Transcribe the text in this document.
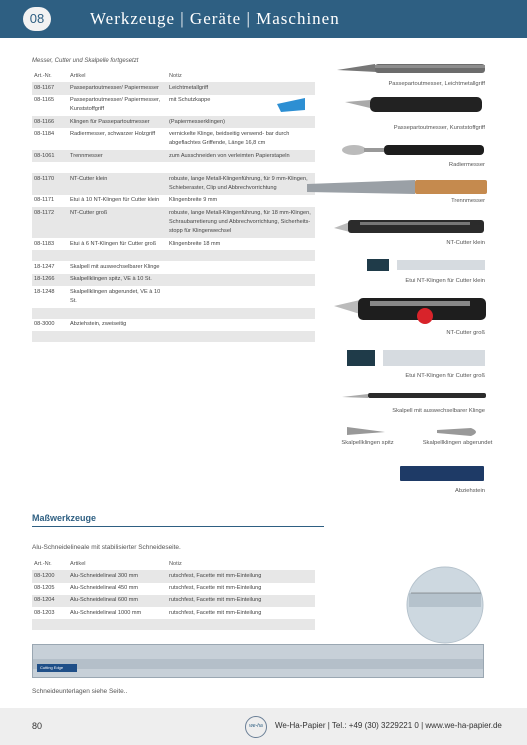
08	Werkzeuge | Geräte | Maschinen
Messer, Cutter und Skalpelle fortgesetzt
Art.-Nr.	Artikel	Notiz
08-1167	Passepartoutmesser/ Papiermesser	Leichtmetallgriff
08-1165	Passepartoutmesser/ Papiermesser, Kunststoffgriff	mit Schutzkappe
08-1166	Klingen für Passepartoutmesser	(Papiermesserklingen)
08-1184	Radiermesser, schwarzer Holzgriff	vernickelte Klinge, beidseitig verwend- bar durch abgeflachtes Griffende, Länge 16,8 cm
08-1061	Trennmesser	zum Ausschneiden von verleimten Papierstapeln

08-1170	NT-Cutter klein	robuste, lange Metall-Klingenführung, für 9 mm-Klingen, Schieberaster, Clip und Abbrechvorrichtung
08-1171	Etui à 10 NT-Klingen für Cutter klein	Klingenbreite 9 mm
08-1172	NT-Cutter groß	robuste, lange Metall-Klingenführung, für 18 mm-Klingen, Schraubarretierung und Abbrechvorrichtung, Sicherheits- stopp für Klingenwechsel
08-1183	Etui à 6 NT-Klingen für Cutter groß	Klingenbreite 18 mm

18-1247	Skalpell mit auswechselbarer Klinge	
18-1266	Skalpellklingen spitz, VE à 10 St.	
18-1248	Skalpellklingen abgerundet, VE à 10 St.	

08-3000	Abziehstein, zweiseitig	

Passepartoutmesser, Leichtmetallgriff
Passepartoutmesser, Kunststoffgriff
Radiermesser
Trennmesser
NT-Cutter klein
Etui NT-Klingen für Cutter klein
NT-Cutter groß
Etui NT-Klingen für Cutter groß
Skalpell mit auswechselbarer Klinge
Skalpellklingen spitz	Skalpellklingen abgerundet
Abziehstein
Maßwerkzeuge
Alu-Schneidelineale mit stabilisierter Schneideseite.
Art.-Nr.	Artikel	Notiz
08-1200	Alu-Schneidelineal 300 mm	rutschfest, Facette mit mm-Einteilung
08-1205	Alu-Schneidelineal 450 mm	rutschfest, Facette mit mm-Einteilung
08-1204	Alu-Schneidelineal 600 mm	rutschfest, Facette mit mm-Einteilung
08-1203	Alu-Schneidelineal 1000 mm	rutschfest, Facette mit mm-Einteilung

Cutting Edge
Schneideunterlagen siehe Seite..
80	we-ha	We-Ha-Papier | Tel.: +49 (30) 3229221 0 | www.we-ha-papier.de
